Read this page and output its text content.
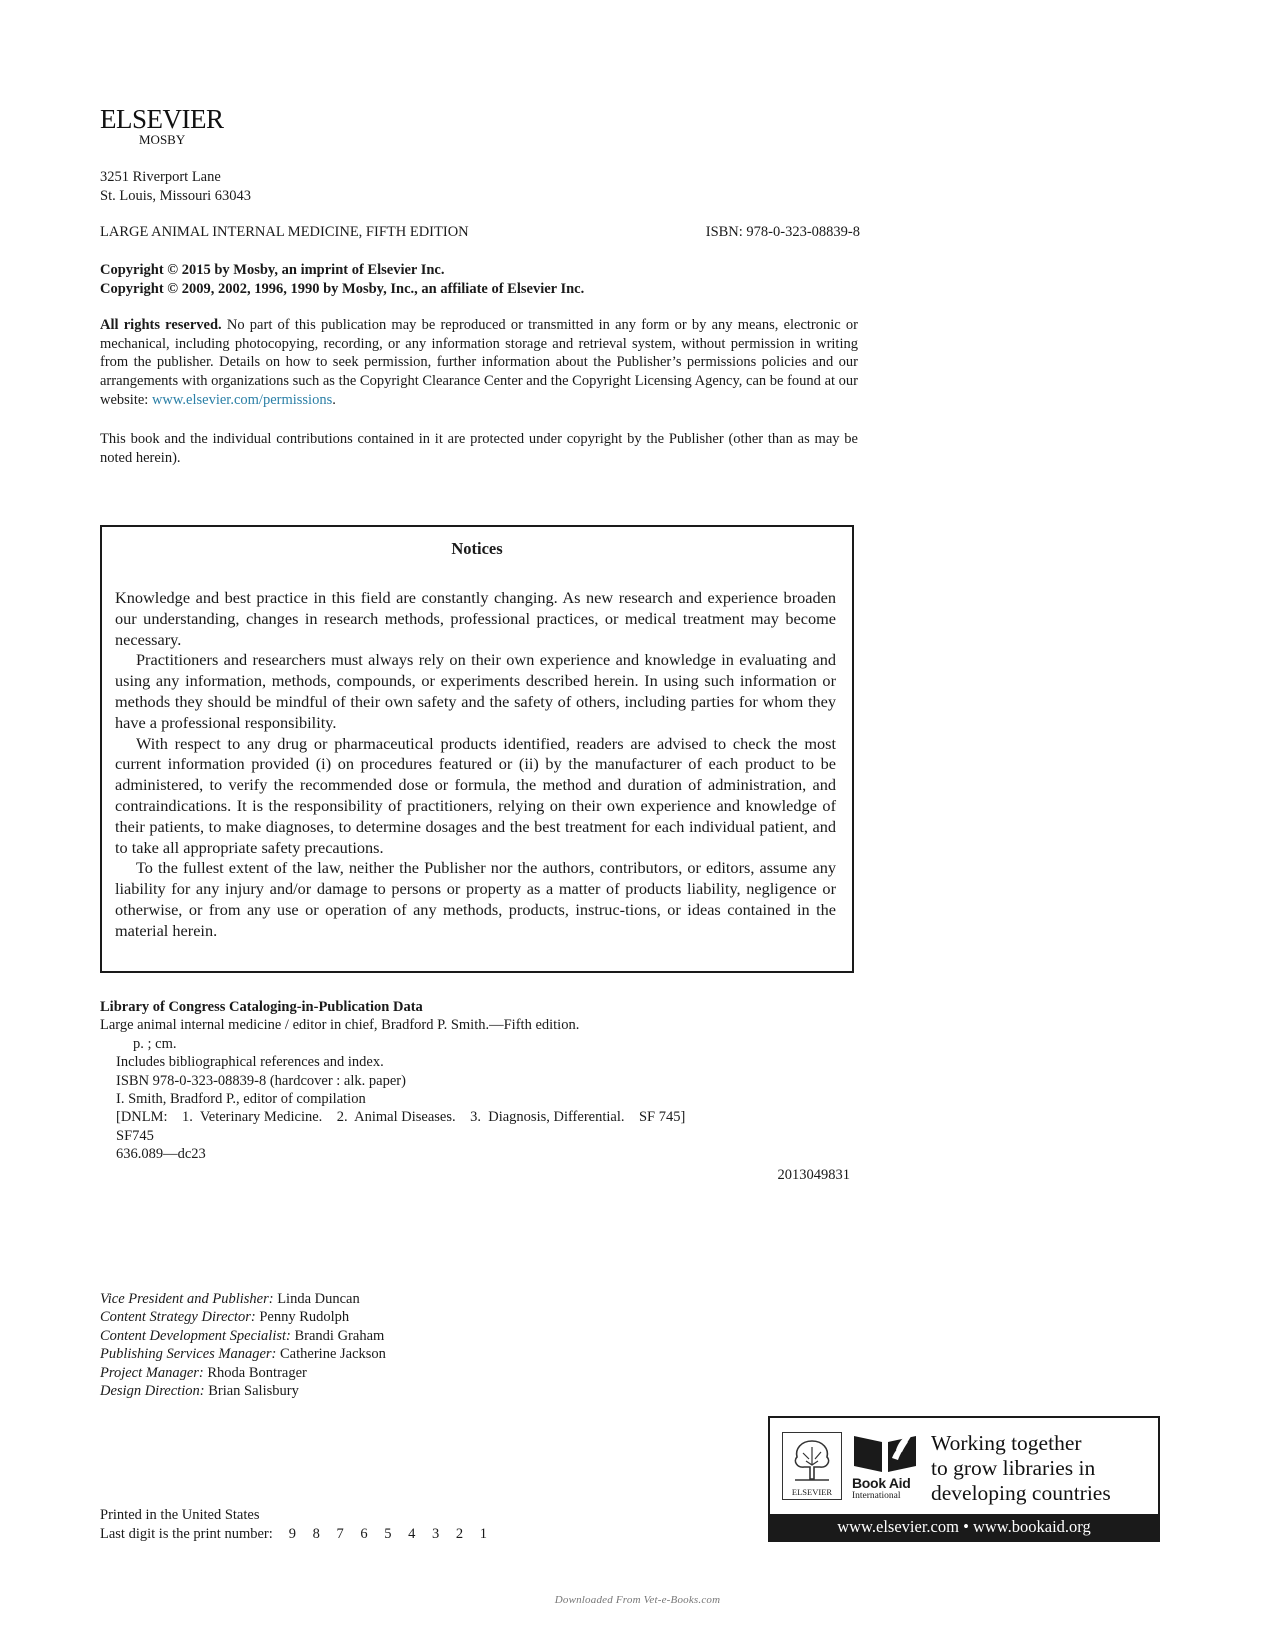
ELSEVIER
MOSBY
3251 Riverport Lane
St. Louis, Missouri 63043
LARGE ANIMAL INTERNAL MEDICINE, FIFTH EDITION	ISBN: 978-0-323-08839-8
Copyright © 2015 by Mosby, an imprint of Elsevier Inc.
Copyright © 2009, 2002, 1996, 1990 by Mosby, Inc., an affiliate of Elsevier Inc.
All rights reserved. No part of this publication may be reproduced or transmitted in any form or by any means, electronic or mechanical, including photocopying, recording, or any information storage and retrieval system, without permission in writing from the publisher. Details on how to seek permission, further information about the Publisher’s permissions policies and our arrangements with organizations such as the Copyright Clearance Center and the Copyright Licensing Agency, can be found at our website: www.elsevier.com/permissions.
This book and the individual contributions contained in it are protected under copyright by the Publisher (other than as may be noted herein).
Notices

Knowledge and best practice in this field are constantly changing. As new research and experience broaden our understanding, changes in research methods, professional practices, or medical treatment may become necessary.

Practitioners and researchers must always rely on their own experience and knowledge in evaluating and using any information, methods, compounds, or experiments described herein. In using such information or methods they should be mindful of their own safety and the safety of others, including parties for whom they have a professional responsibility.

With respect to any drug or pharmaceutical products identified, readers are advised to check the most current information provided (i) on procedures featured or (ii) by the manufacturer of each product to be administered, to verify the recommended dose or formula, the method and duration of administration, and contraindications. It is the responsibility of practitioners, relying on their own experience and knowledge of their patients, to make diagnoses, to determine dosages and the best treatment for each individual patient, and to take all appropriate safety precautions.

To the fullest extent of the law, neither the Publisher nor the authors, contributors, or editors, assume any liability for any injury and/or damage to persons or property as a matter of products liability, negligence or otherwise, or from any use or operation of any methods, products, instruc-tions, or ideas contained in the material herein.

Library of Congress Cataloging-in-Publication Data
Large animal internal medicine / editor in chief, Bradford P. Smith.—Fifth edition.
p. ; cm.
Includes bibliographical references and index.
ISBN 978-0-323-08839-8 (hardcover : alk. paper)
I. Smith, Bradford P., editor of compilation
[DNLM:    1.  Veterinary Medicine.    2.  Animal Diseases.    3.  Diagnosis, Differential.    SF 745]
SF745
636.089—dc23
2013049831
Vice President and Publisher: Linda Duncan
Content Strategy Director: Penny Rudolph
Content Development Specialist: Brandi Graham
Publishing Services Manager: Catherine Jackson
Project Manager: Rhoda Bontrager
Design Direction: Brian Salisbury
Printed in the United States
Last digit is the print number: 9 8 7 6 5 4 3 2 1
ELSEVIER
Book Aid
International
Working together
to grow libraries in
developing countries
www.elsevier.com • www.bookaid.org
Downloaded From Vet-e-Books.com
